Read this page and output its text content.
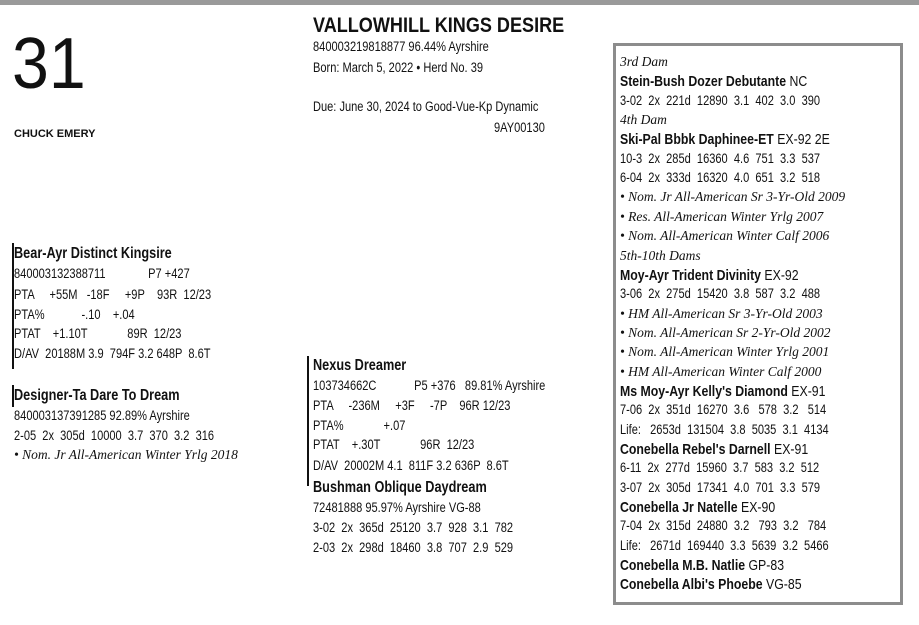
31
CHUCK EMERY
VALLOWHILL KINGS DESIRE
840003219818877 96.44% Ayrshire
Born: March 5, 2022 • Herd No. 39
Due: June 30, 2024 to Good-Vue-Kp Dynamic
9AY00130
Bear-Ayr Distinct Kingsire
840003132388711	P7 +427
PTA     +55M   -18F     +9P    93R  12/23
PTA%            -.10    +.04
PTAT    +1.10T             89R  12/23
D/AV  20188M 3.9  794F 3.2 648P  8.6T
Designer-Ta Dare To Dream
840003137391285 92.89% Ayrshire
2-05  2x  305d  10000  3.7  370  3.2  316
• Nom. Jr All-American Winter Yrlg 2018
Nexus Dreamer
103734662C	P5 +376   89.81% Ayrshire
PTA     -236M     +3F     -7P    96R 12/23
PTA%             +.07
PTAT    +.30T             96R  12/23
D/AV  20002M 4.1  811F 3.2 636P  8.6T
Bushman Oblique Daydream
72481888 95.97% Ayrshire VG-88
3-02  2x  365d  25120  3.7  928  3.1  782
2-03  2x  298d  18460  3.8  707  2.9  529
3rd Dam
Stein-Bush Dozer Debutante NC
3-02  2x  221d  12890  3.1  402  3.0  390
4th Dam
Ski-Pal Bbbk Daphinee-ET EX-92 2E
10-3  2x  285d  16360  4.6  751  3.3  537
6-04  2x  333d  16320  4.0  651  3.2  518
• Nom. Jr All-American Sr 3-Yr-Old 2009
• Res. All-American Winter Yrlg 2007
• Nom. All-American Winter Calf 2006
5th-10th Dams
Moy-Ayr Trident Divinity EX-92
3-06  2x  275d  15420  3.8  587  3.2  488
• HM All-American Sr 3-Yr-Old 2003
• Nom. All-American Sr 2-Yr-Old 2002
• Nom. All-American Winter Yrlg 2001
• HM All-American Winter Calf 2000
Ms Moy-Ayr Kelly's Diamond EX-91
7-06  2x  351d  16270  3.6   578  3.2   514
Life:   2653d  131504  3.8  5035  3.1  4134
Conebella Rebel's Darnell EX-91
6-11  2x  277d  15960  3.7  583  3.2  512
3-07  2x  305d  17341  4.0  701  3.3  579
Conebella Jr Natelle EX-90
7-04  2x  315d  24880  3.2   793  3.2   784
Life:   2671d  169440  3.3  5639  3.2  5466
Conebella M.B. Natlie GP-83
Conebella Albi's Phoebe VG-85
